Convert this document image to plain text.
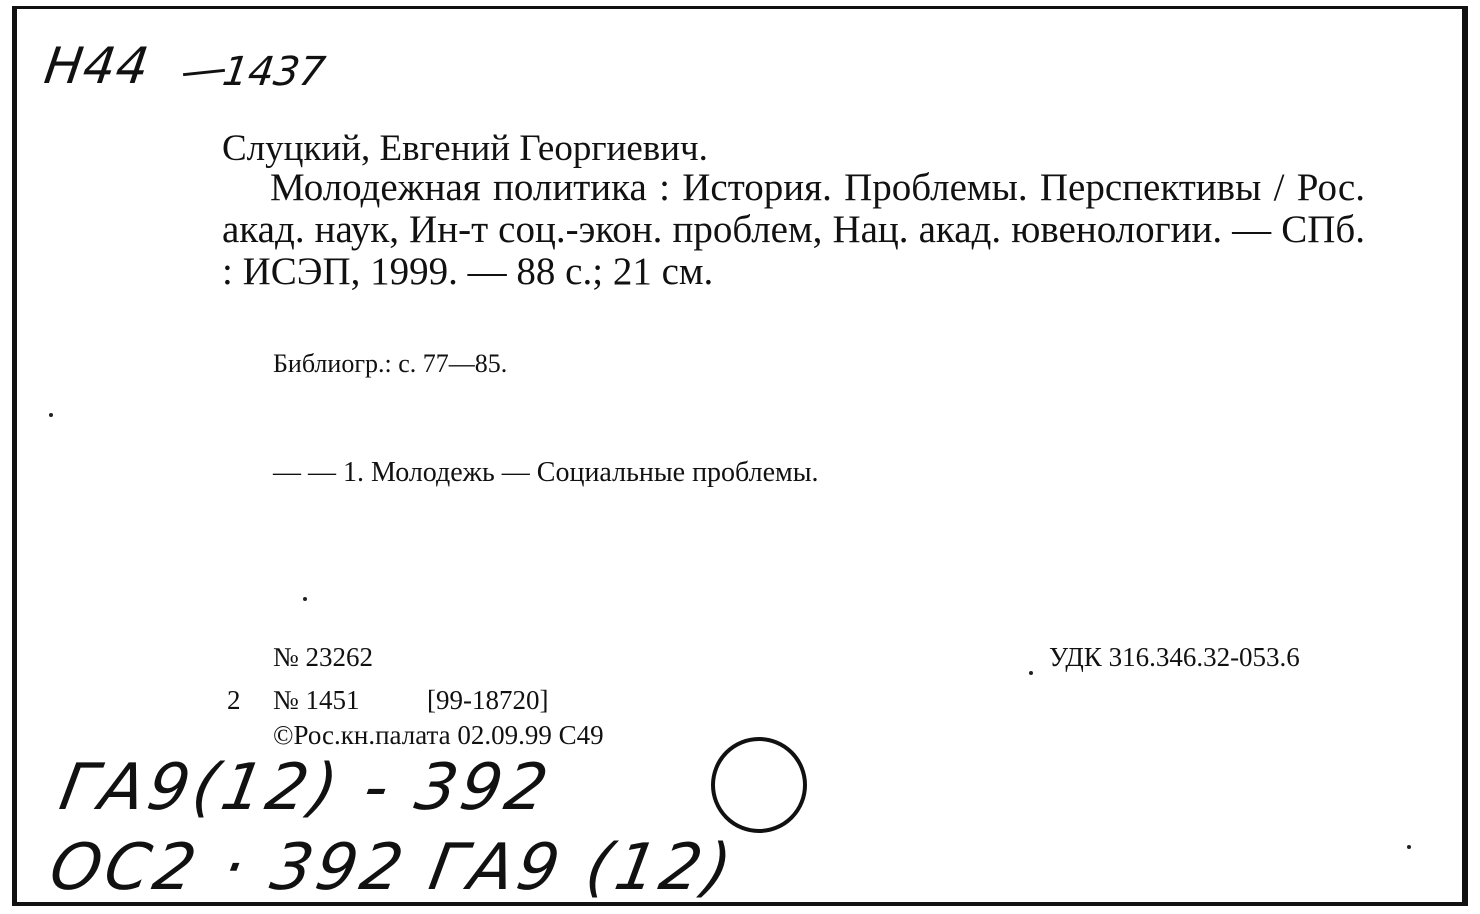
Н44 1437
Слуцкий, Евгений Георгиевич.
Молодежная политика : История. Проблемы. Перспективы / Рос. акад. наук, Ин-т соц.-экон. проблем, Нац. акад. ювенологии. — СПб. : ИСЭП, 1999. — 88 с.; 21 см.
Библиогр.: с. 77—85.
— — 1. Молодежь — Социальные проблемы.
№ 23262	УДК 316.346.32-053.6
2 № 1451 [99-18720]
©Рос.кн.палата 02.09.99 С49
ГА9(12) - 392
ОС2 · 392 ГА9 (12)
